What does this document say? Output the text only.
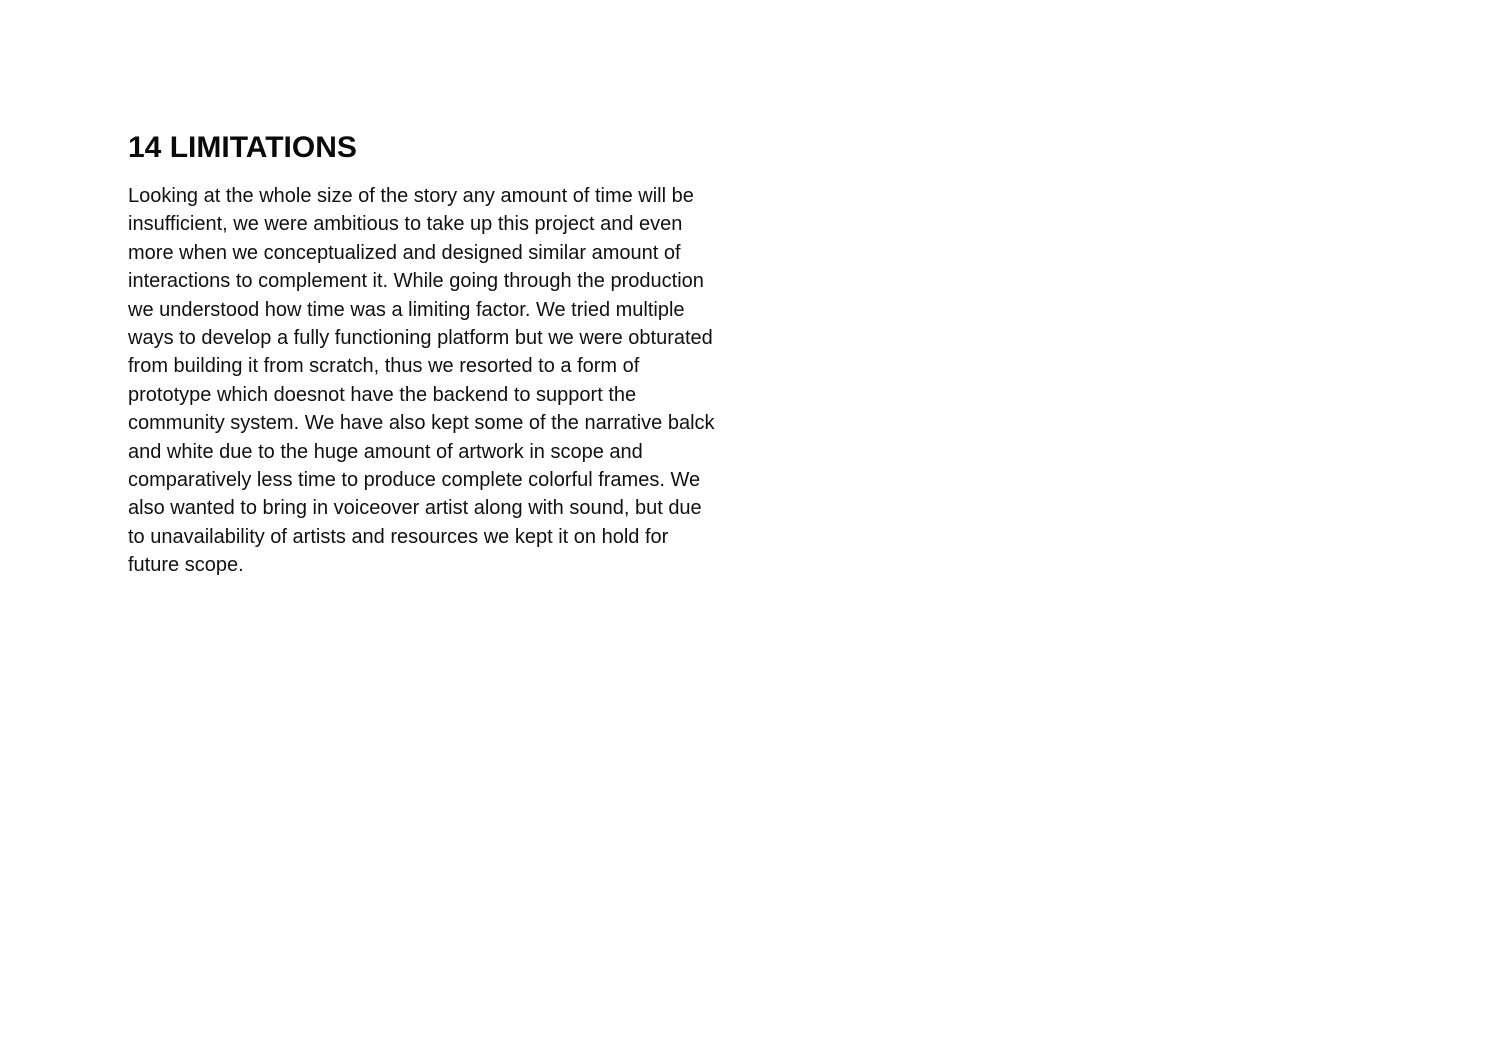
14 LIMITATIONS
Looking at the whole size of the story any amount of time will be
insufficient, we were ambitious to take up this project and even
more when we conceptualized and designed similar amount of
interactions to complement it. While going through the production
we understood how time was a limiting factor. We tried multiple
ways to develop a fully functioning platform but we were obturated
from building it from scratch, thus we resorted to a form of
prototype which doesnot have the backend to support the
community system. We have also kept some of the narrative balck
and white due to the huge amount of artwork in scope and
comparatively less time to produce complete colorful frames. We
also wanted to bring in voiceover artist along with sound, but due
to unavailability of artists and resources we kept it on hold for
future scope.
